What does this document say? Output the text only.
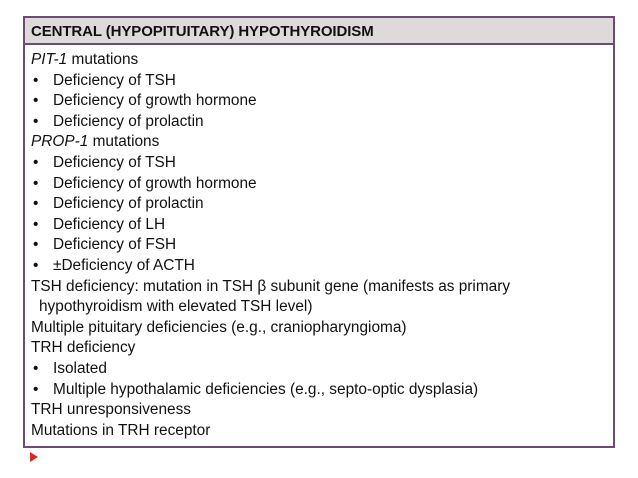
CENTRAL (HYPOPITUITARY) HYPOTHYROIDISM
PIT-1 mutations
• Deficiency of TSH
• Deficiency of growth hormone
• Deficiency of prolactin
PROP-1 mutations
• Deficiency of TSH
• Deficiency of growth hormone
• Deficiency of prolactin
• Deficiency of LH
• Deficiency of FSH
• ±Deficiency of ACTH
TSH deficiency: mutation in TSH β subunit gene (manifests as primary
hypothyroidism with elevated TSH level)
Multiple pituitary deficiencies (e.g., craniopharyngioma)
TRH deficiency
• Isolated
• Multiple hypothalamic deficiencies (e.g., septo-optic dysplasia)
TRH unresponsiveness
Mutations in TRH receptor
